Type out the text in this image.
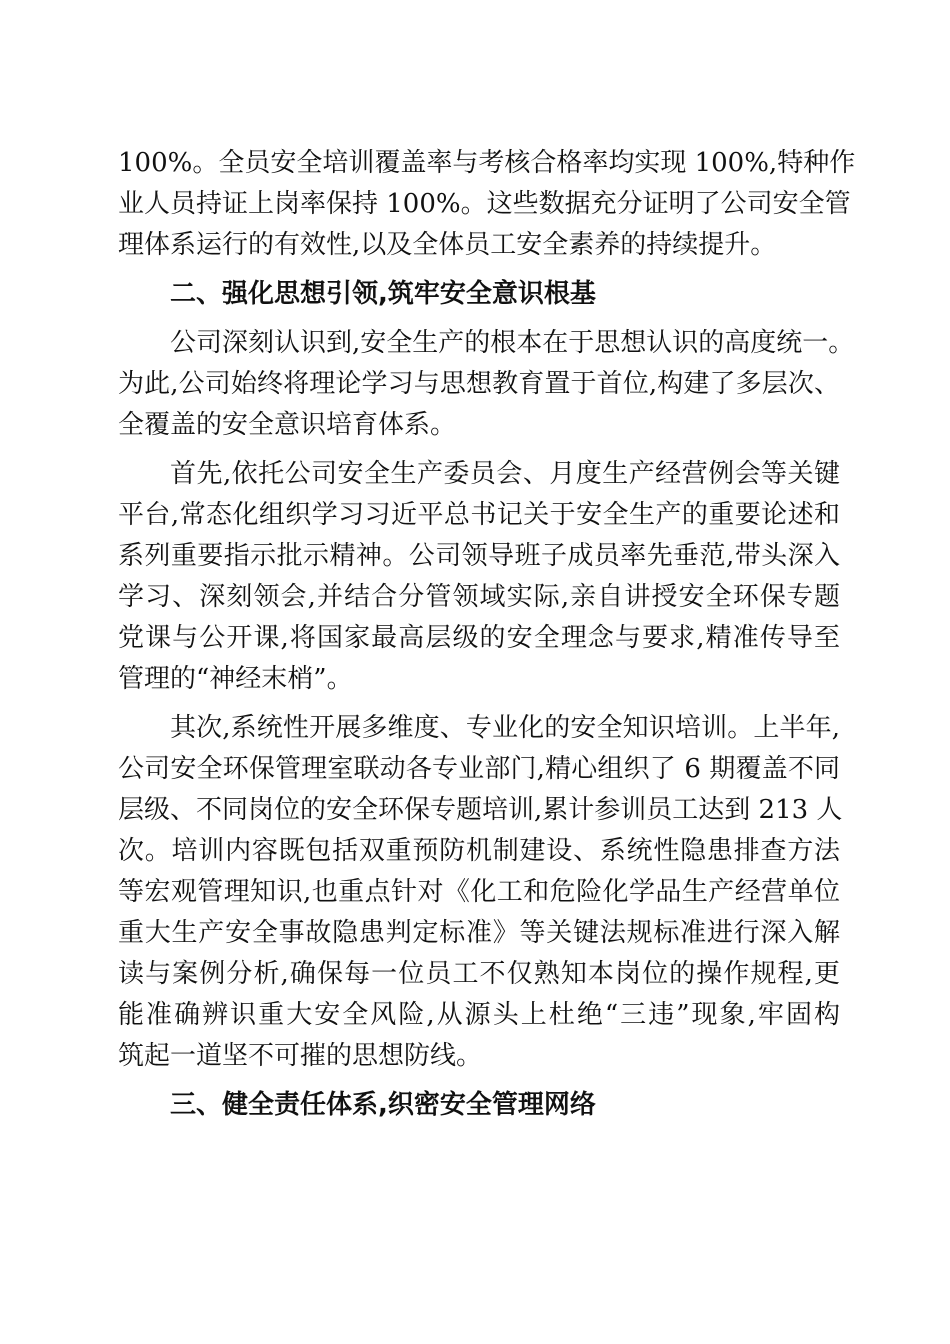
100%。全员安全培训覆盖率与考核合格率均实现 100%,特种作
业人员持证上岗率保持 100%。这些数据充分证明了公司安全管
理体系运行的有效性,以及全体员工安全素养的持续提升。
二、强化思想引领,筑牢安全意识根基
公司深刻认识到,安全生产的根本在于思想认识的高度统一。
为此,公司始终将理论学习与思想教育置于首位,构建了多层次、
全覆盖的安全意识培育体系。
首先,依托公司安全生产委员会、月度生产经营例会等关键
平台,常态化组织学习习近平总书记关于安全生产的重要论述和
系列重要指示批示精神。公司领导班子成员率先垂范,带头深入
学习、深刻领会,并结合分管领域实际,亲自讲授安全环保专题
党课与公开课,将国家最高层级的安全理念与要求,精准传导至
管理的“神经末梢”。
其次,系统性开展多维度、专业化的安全知识培训。上半年,
公司安全环保管理室联动各专业部门,精心组织了 6 期覆盖不同
层级、不同岗位的安全环保专题培训,累计参训员工达到 213 人
次。培训内容既包括双重预防机制建设、系统性隐患排查方法
等宏观管理知识,也重点针对《化工和危险化学品生产经营单位
重大生产安全事故隐患判定标准》等关键法规标准进行深入解
读与案例分析,确保每一位员工不仅熟知本岗位的操作规程,更
能准确辨识重大安全风险,从源头上杜绝“三违”现象,牢固构
筑起一道坚不可摧的思想防线。
三、健全责任体系,织密安全管理网络
